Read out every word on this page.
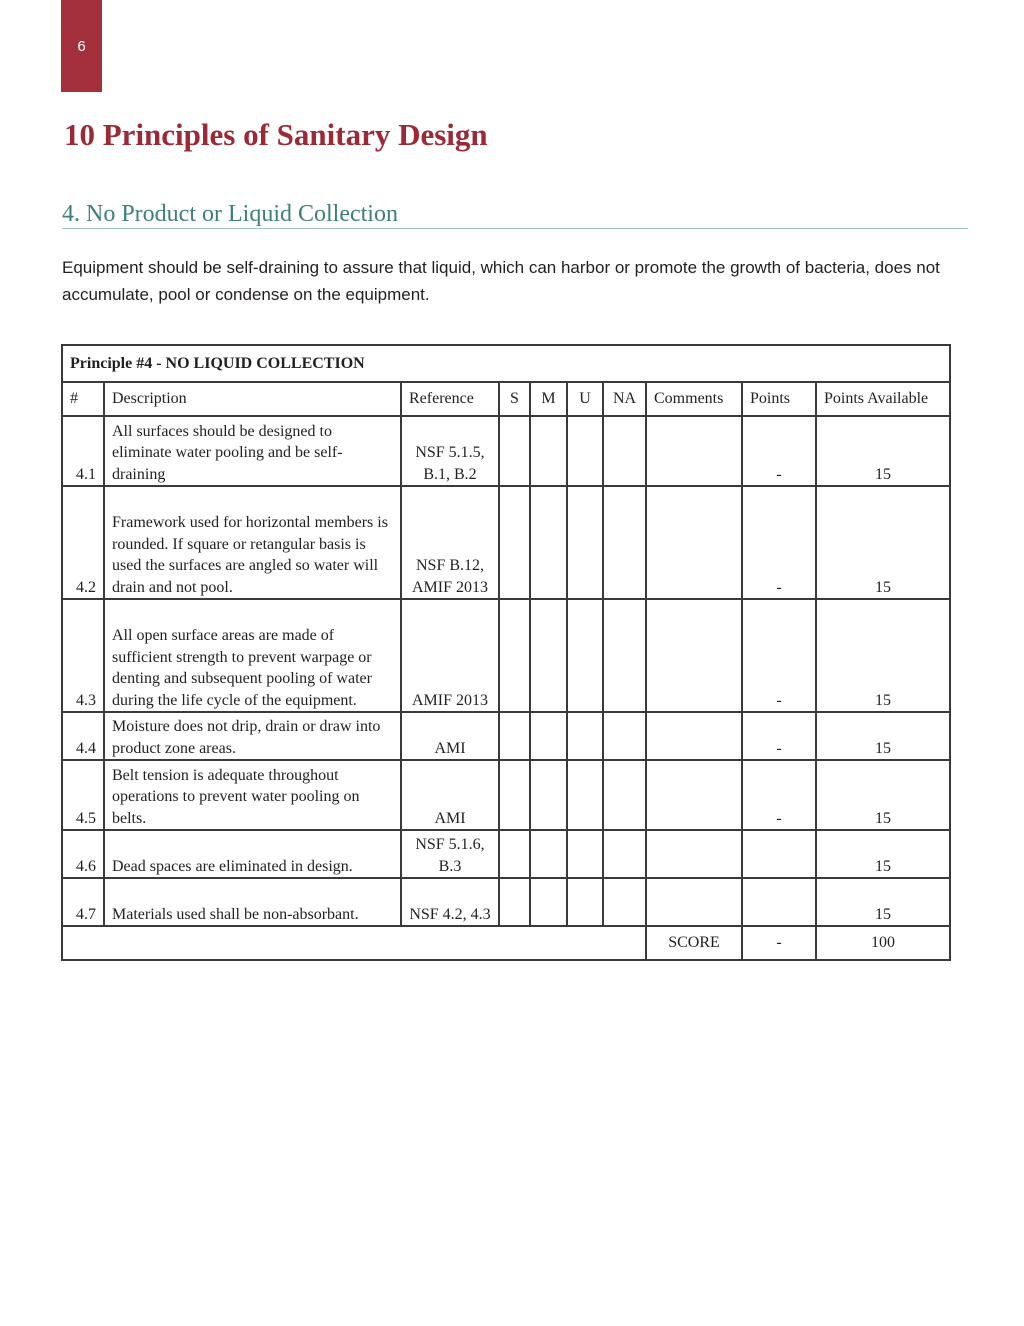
6
10 Principles of Sanitary Design
4. No Product or Liquid Collection

Equipment should be self-draining to assure that liquid, which can harbor or promote the growth of bacteria, does not accumulate, pool or condense on the equipment.

Principle #4 - NO LIQUID COLLECTION									
#	Description	Reference	S	M	U	NA	Comments	Points	Points Available
4.1	All surfaces should be designed to eliminate water pooling and be self-draining	NSF 5.1.5, B.1, B.2						-	15
4.2	Framework used for horizontal members is rounded. If square or retangular basis is used the surfaces are angled so water will drain and not pool.	NSF B.12, AMIF 2013						-	15
4.3	All open surface areas are made of sufficient strength to prevent warpage or denting and subsequent pooling of water during the life cycle of the equipment.	AMIF 2013						-	15
4.4	Moisture does not drip, drain or draw into product zone areas.	AMI						-	15
4.5	Belt tension is adequate throughout operations to prevent water pooling on belts.	AMI						-	15
4.6	Dead spaces are eliminated in design.	NSF 5.1.6, B.3							15
4.7	Materials used shall be non-absorbant.	NSF 4.2, 4.3							15
							SCORE	-	100
